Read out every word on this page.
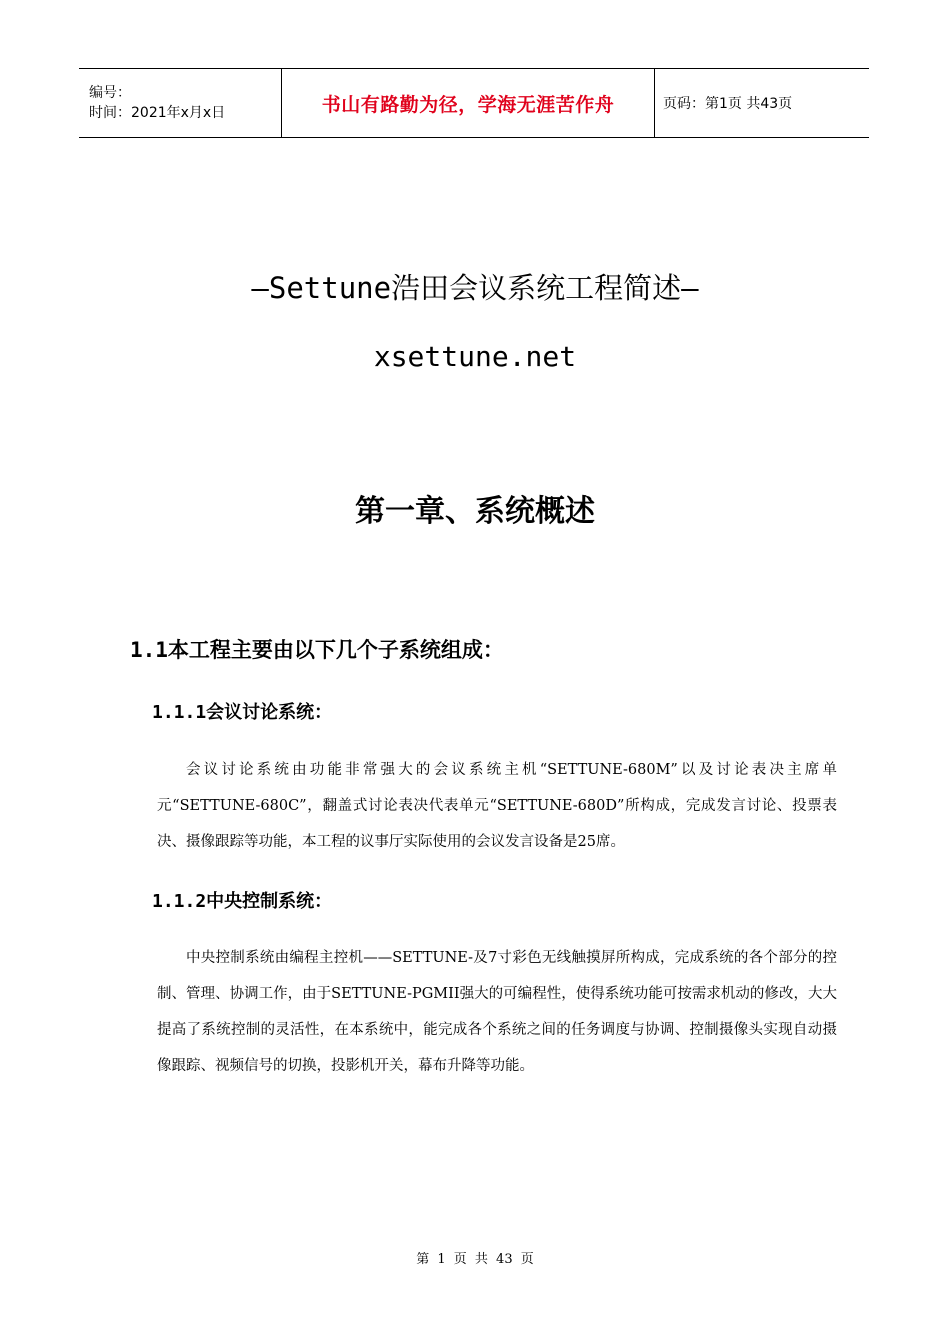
编号：
时间：2021年x月x日	书山有路勤为径，学海无涯苦作舟	页码：第1页 共43页
—Settune浩田会议系统工程简述—
xsettune.net
第一章、系统概述
1.1本工程主要由以下几个子系统组成：
1.1.1会议讨论系统：
会议讨论系统由功能非常强大的会议系统主机“SETTUNE-680M”以及讨论表决主席单元“SETTUNE-680C”，翻盖式讨论表决代表单元“SETTUNE-680D”所构成，完成发言讨论、投票表决、摄像跟踪等功能，本工程的议事厅实际使用的会议发言设备是25席。
1.1.2中央控制系统：
中央控制系统由编程主控机——SETTUNE-及7寸彩色无线触摸屏所构成，完成系统的各个部分的控制、管理、协调工作，由于SETTUNE-PGMII强大的可编程性，使得系统功能可按需求机动的修改，大大提高了系统控制的灵活性，在本系统中，能完成各个系统之间的任务调度与协调、控制摄像头实现自动摄像跟踪、视频信号的切换，投影机开关，幕布升降等功能。
第 1 页 共 43 页
